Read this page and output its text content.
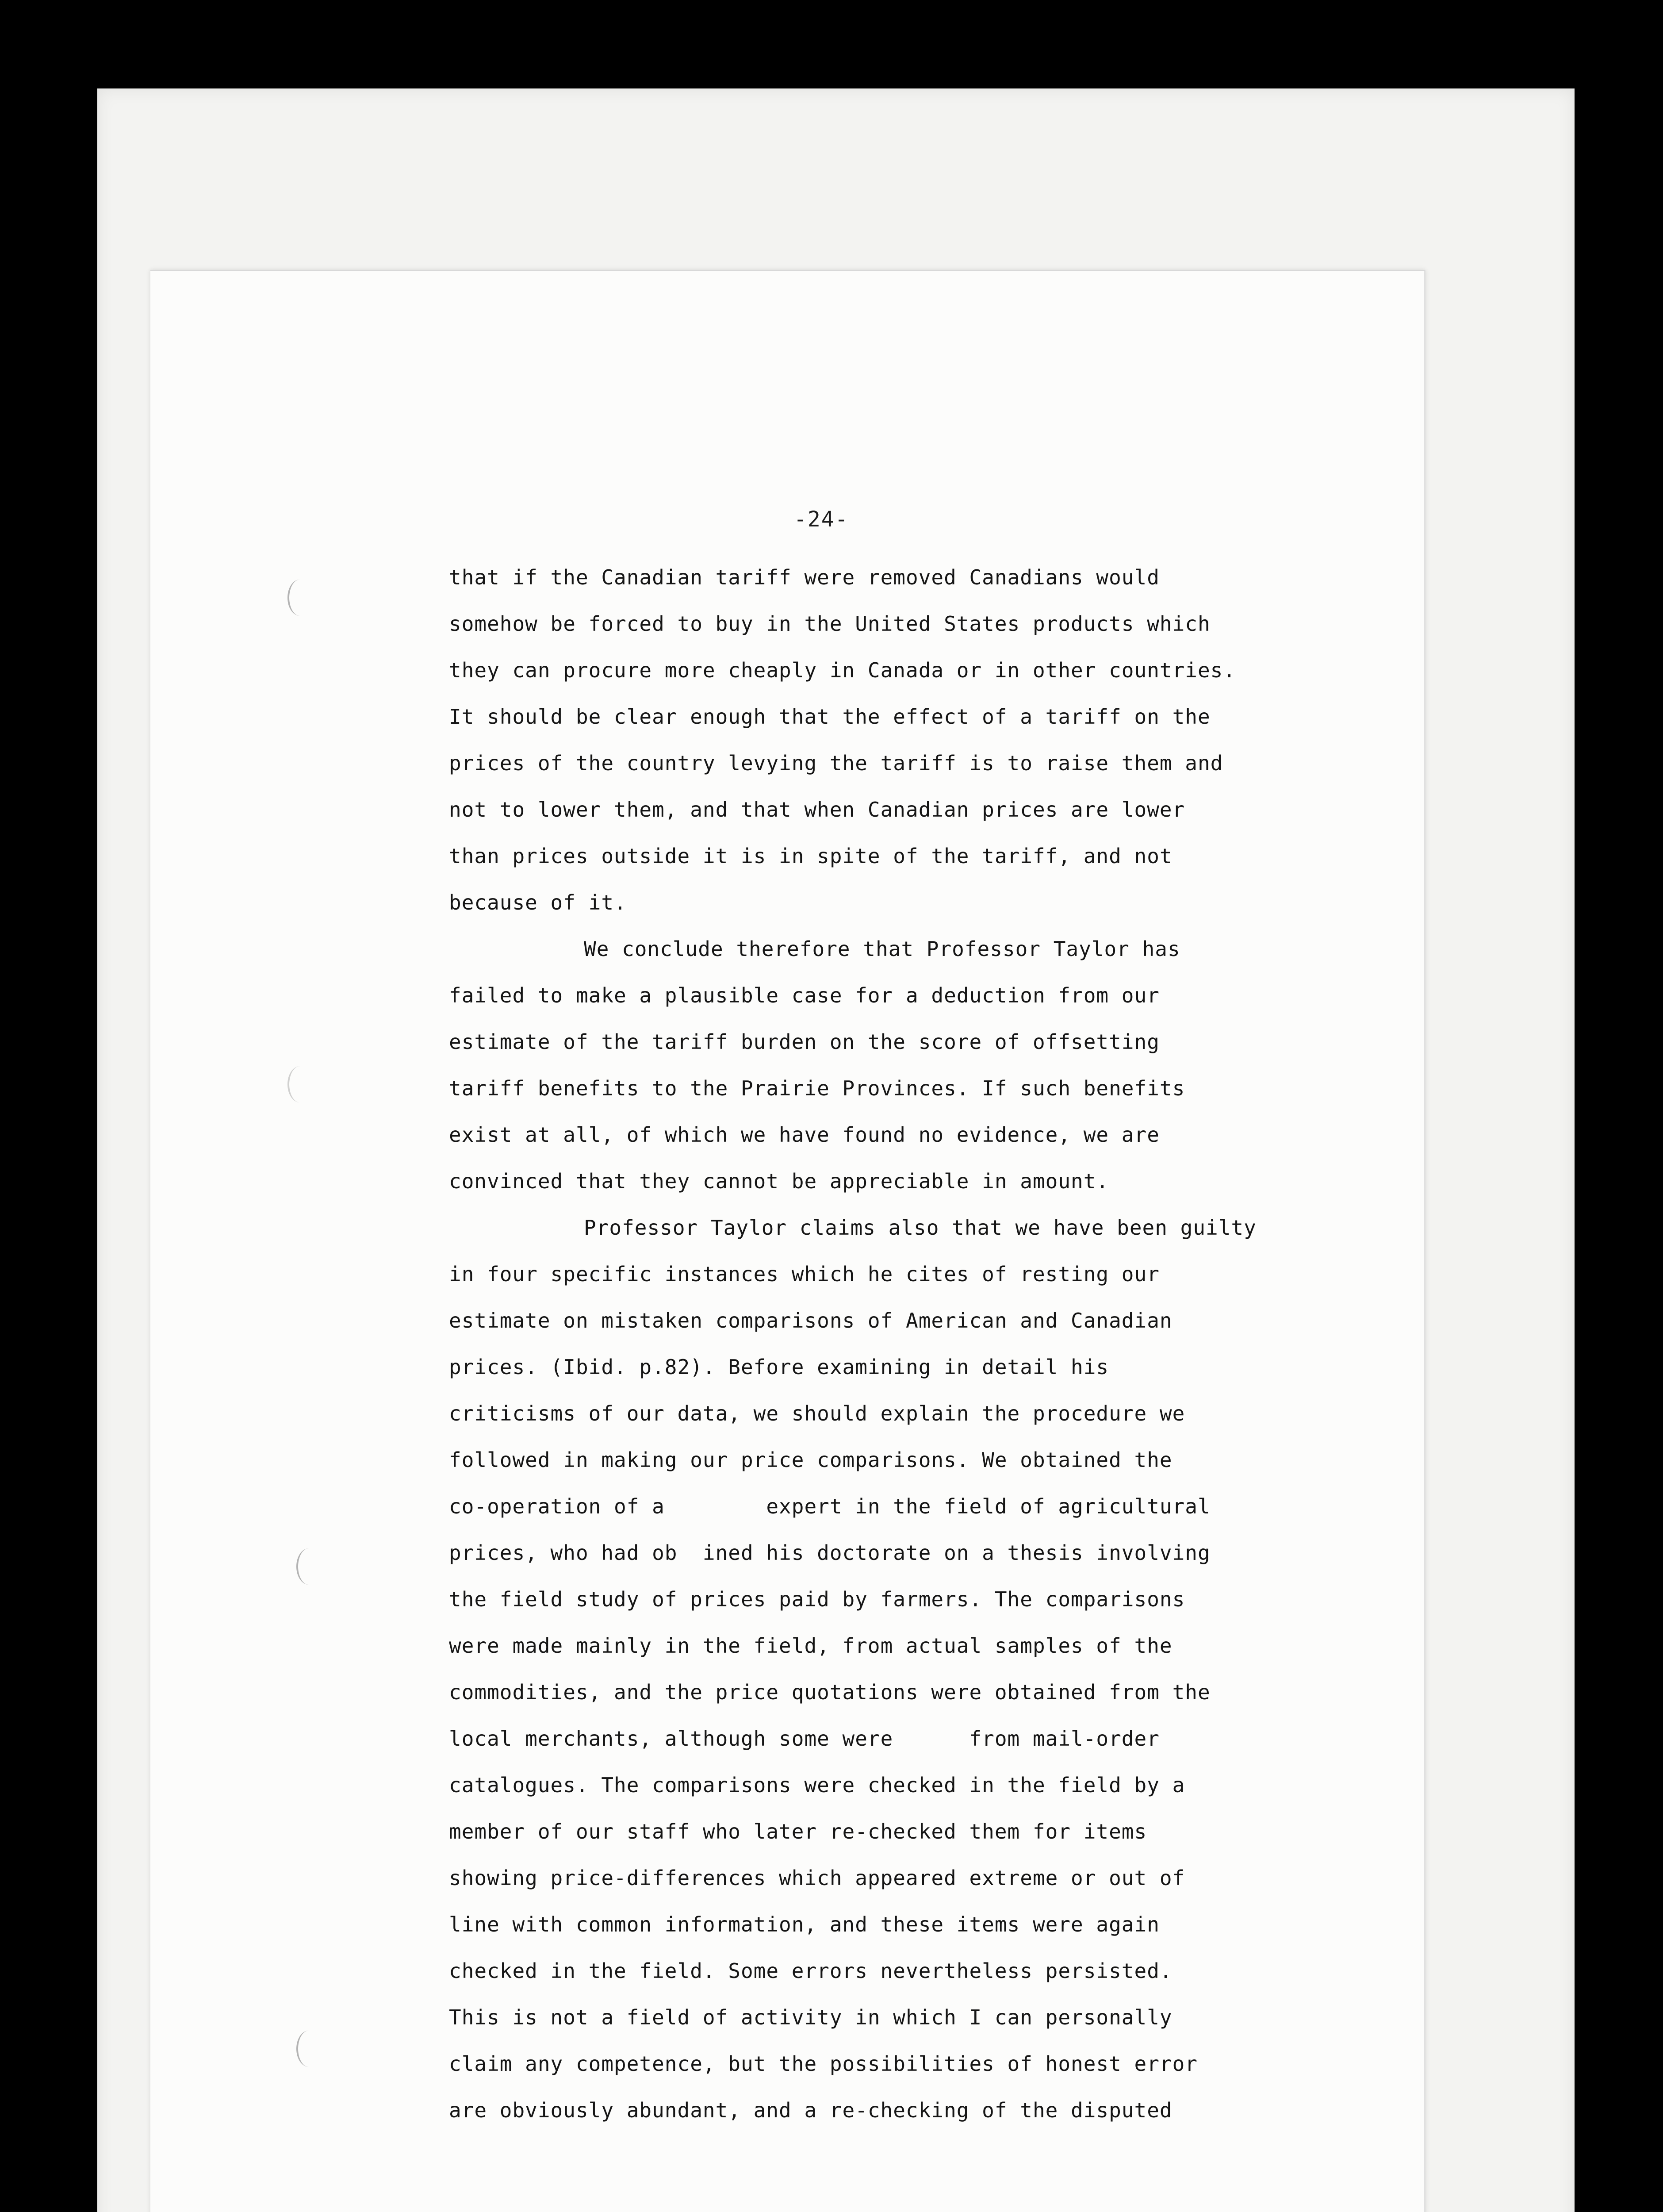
-24-
that if the Canadian tariff were removed Canadians would
somehow be forced to buy in the United States products which
they can procure more cheaply in Canada or in other countries.
It should be clear enough that the effect of a tariff on the
prices of the country levying the tariff is to raise them and
not to lower them, and that when Canadian prices are lower
than prices outside it is in spite of the tariff, and not
because of it.
We conclude therefore that Professor Taylor has
failed to make a plausible case for a deduction from our
estimate of the tariff burden on the score of offsetting
tariff benefits to the Prairie Provinces. If such benefits
exist at all, of which we have found no evidence, we are
convinced that they cannot be appreciable in amount.
Professor Taylor claims also that we have been guilty
in four specific instances which he cites of resting our
estimate on mistaken comparisons of American and Canadian
prices. (Ibid. p.82). Before examining in detail his
criticisms of our data, we should explain the procedure we
followed in making our price comparisons. We obtained the
co-operation of a        expert in the field of agricultural
prices, who had ob  ined his doctorate on a thesis involving
the field study of prices paid by farmers. The comparisons
were made mainly in the field, from actual samples of the
commodities, and the price quotations were obtained from the
local merchants, although some were      from mail-order
catalogues. The comparisons were checked in the field by a
member of our staff who later re-checked them for items
showing price-differences which appeared extreme or out of
line with common information, and these items were again
checked in the field. Some errors nevertheless persisted.
This is not a field of activity in which I can personally
claim any competence, but the possibilities of honest error
are obviously abundant, and a re-checking of the disputed
